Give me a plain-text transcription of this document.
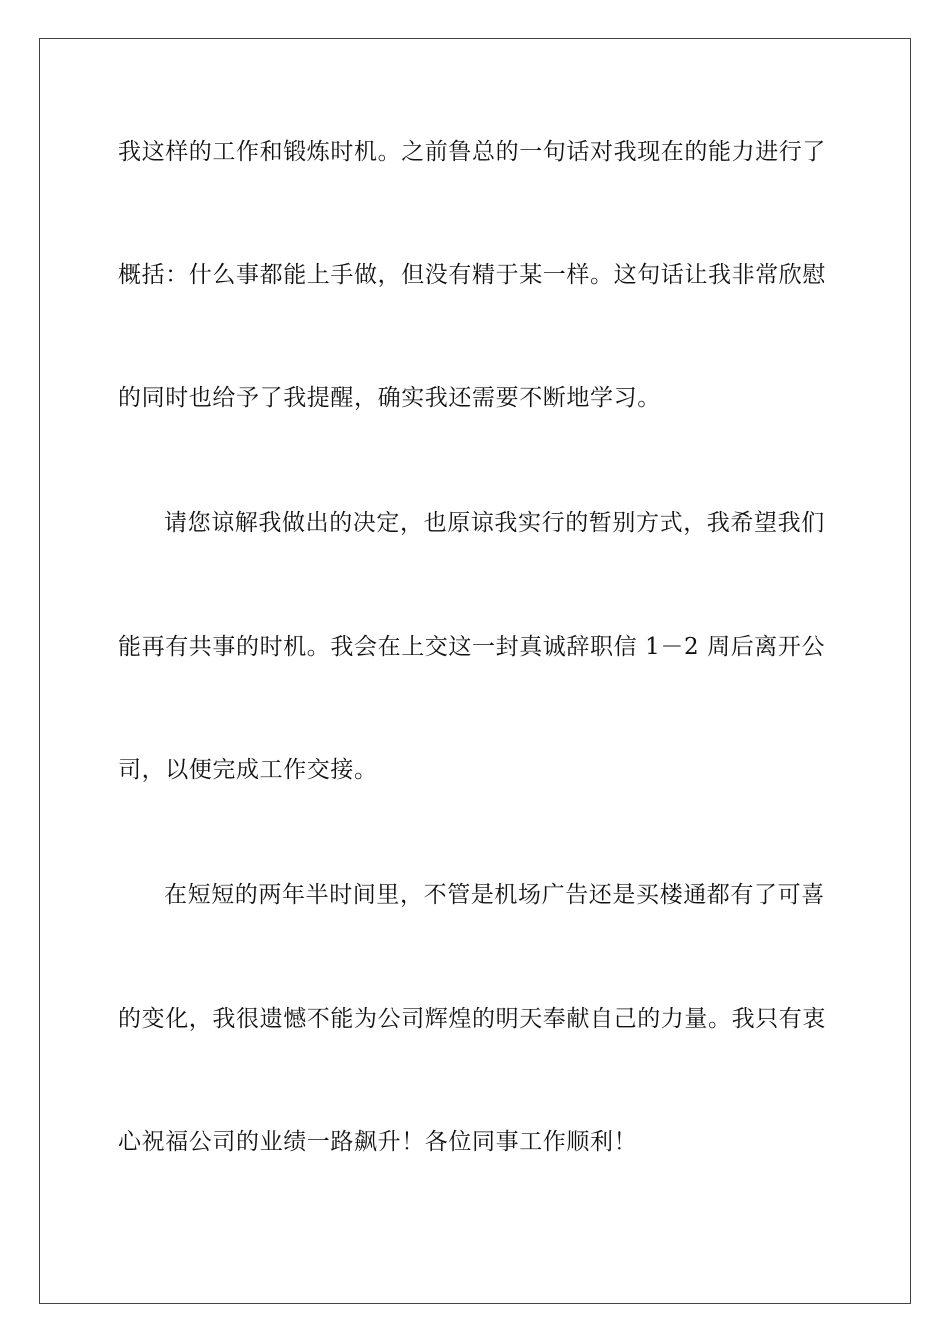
我这样的工作和锻炼时机。之前鲁总的一句话对我现在的能力进行了
概括：什么事都能上手做，但没有精于某一样。这句话让我非常欣慰
的同时也给予了我提醒，确实我还需要不断地学习。
请您谅解我做出的决定，也原谅我实行的暂别方式，我希望我们
能再有共事的时机。我会在上交这一封真诚辞职信 1－2 周后离开公
司，以便完成工作交接。
在短短的两年半时间里，不管是机场广告还是买楼通都有了可喜
的变化，我很遗憾不能为公司辉煌的明天奉献自己的力量。我只有衷
心祝福公司的业绩一路飙升！各位同事工作顺利！
